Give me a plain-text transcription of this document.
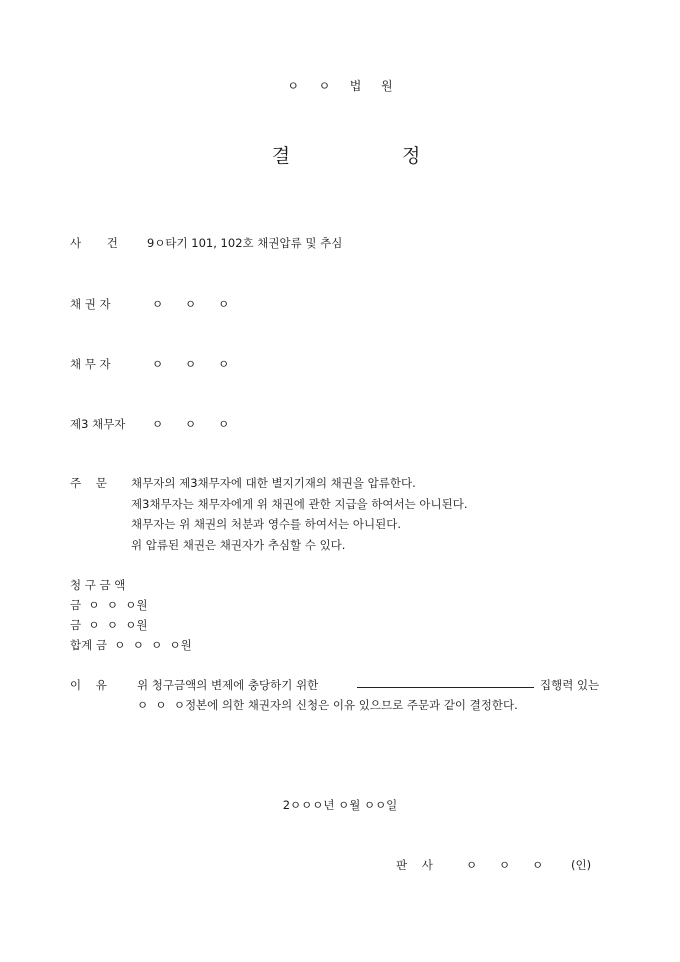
ㅇ  ㅇ  법  원

결	정

사       건	9ㅇ타기 101, 102호 채권압류 및 추심
채 권 자	ㅇ      ㅇ      ㅇ
채 무 자	ㅇ      ㅇ      ㅇ
제3 채무자 ㅇ      ㅇ      ㅇ
주    문 채무자의 제3채무자에 대한 별지기재의 채권을 압류한다.
제3채무자는 채무자에게 위 채권에 관한 지급을 하여서는 아니된다.
채무자는 위 채권의 처분과 영수를 하여서는 아니된다.
위 압류된 채권은 채권자가 추심할 수 있다.
청 구 금 액
금  ㅇ  ㅇ  ㅇ원
금  ㅇ  ㅇ  ㅇ원
합계 금  ㅇ  ㅇ  ㅇ  ㅇ원
이    유	위 청구금액의 변제에 충당하기 위한	집행력 있는
ㅇ  ㅇ  ㅇ정본에 의한 채권자의 신청은 이유 있으므로 주문과 같이 결정한다.
2ㅇㅇㅇ년 ㅇ월 ㅇㅇ일
판    사	ㅇ      ㅇ      ㅇ (인)
